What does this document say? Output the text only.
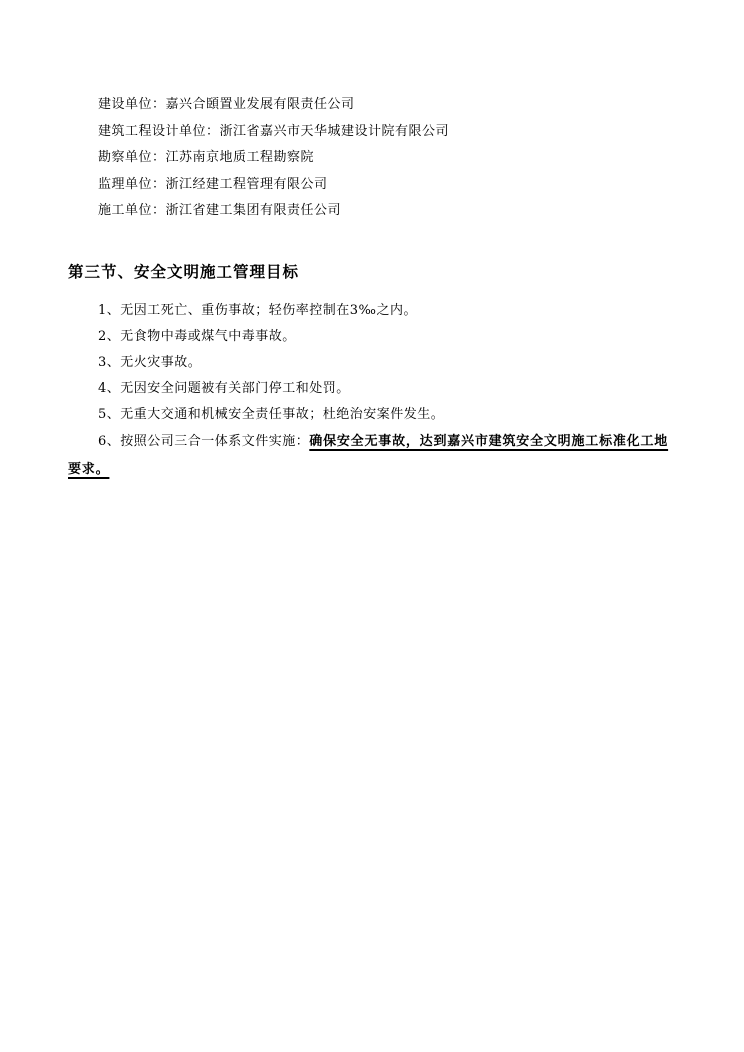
建设单位：嘉兴合頣置业发展有限责任公司
建筑工程设计单位：浙江省嘉兴市天华城建设计院有限公司
勘察单位：江苏南京地质工程勘察院
监理单位：浙江经建工程管理有限公司
施工单位：浙江省建工集团有限责任公司
第三节、安全文明施工管理目标
1、无因工死亡、重伤事故；轻伤率控制在3‰之内。
2、无食物中毒或煤气中毒事故。
3、无火灾事故。
4、无因安全问题被有关部门停工和处罚。
5、无重大交通和机械安全责任事故；杜绝治安案件发生。
6、按照公司三合一体系文件实施：确保安全无事故，达到嘉兴市建筑安全文明施工标准化工地要求。
